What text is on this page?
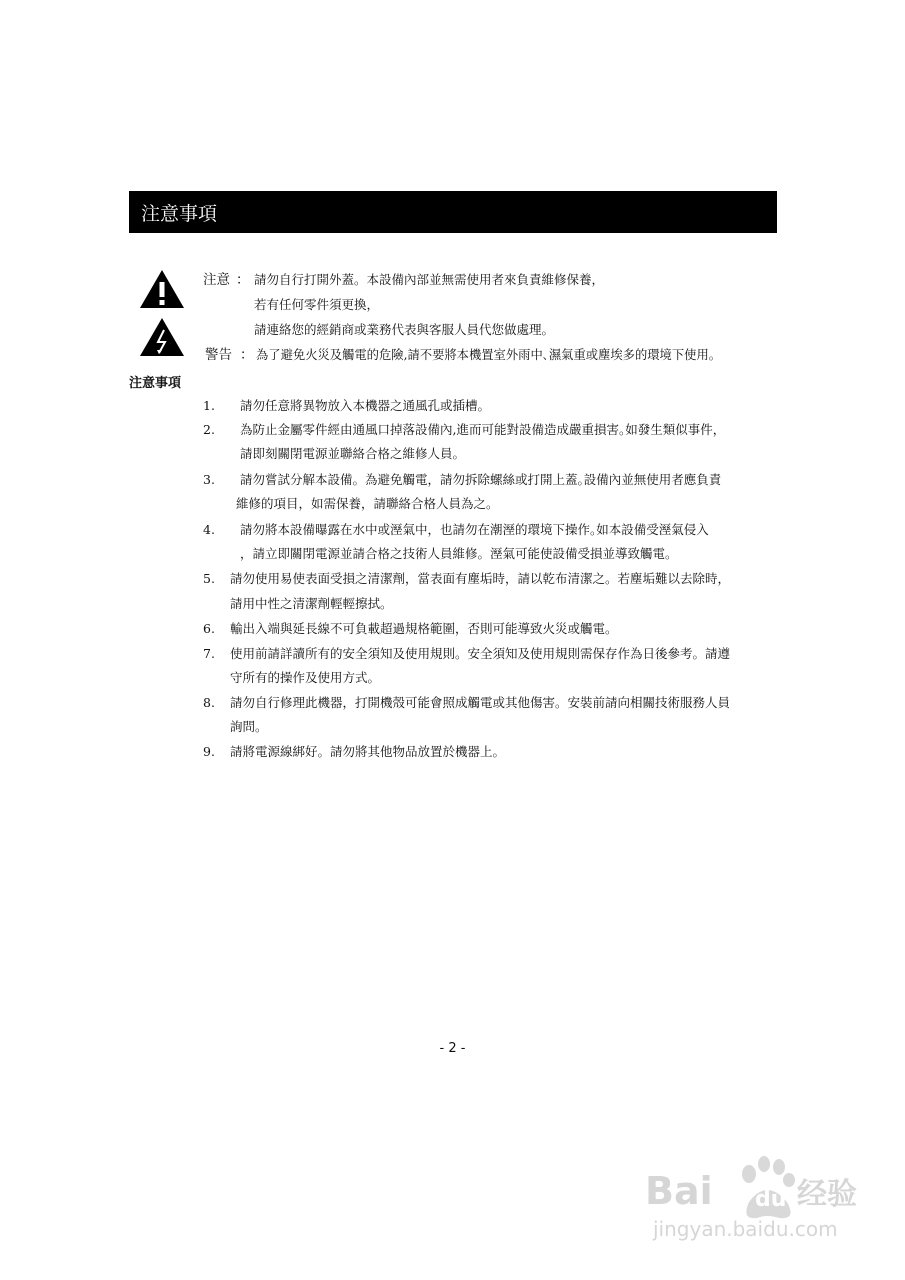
注意事項
注意 ： 請勿自行打開外蓋。本設備內部並無需使用者來負責維修保養，
若有任何零件須更換，
請連絡您的經銷商或業務代表與客服人員代您做處理。
警告 ： 為了避免火災及觸電的危險,請不要將本機置室外雨中､濕氣重或塵埃多的環境下使用｡
注意事項
1. 請勿任意將異物放入本機器之通風孔或插槽。
2. 為防止金屬零件經由通風口掉落設備內,進而可能對設備造成嚴重損害｡如發生類似事件，
請即刻關閉電源並聯絡合格之維修人員。
3. 請勿嘗試分解本設備。為避免觸電，請勿拆除螺絲或打開上蓋｡設備內並無使用者應負責
維修的項目，如需保養，請聯絡合格人員為之。
4. 請勿將本設備曝露在水中或溼氣中，也請勿在潮溼的環境下操作｡如本設備受溼氣侵入
，請立即關閉電源並請合格之技術人員維修。溼氣可能使設備受損並導致觸電。
5. 請勿使用易使表面受損之清潔劑，當表面有塵垢時，請以乾布清潔之。若塵垢難以去除時，
請用中性之清潔劑輕輕擦拭。
6. 輸出入端與延長線不可負載超過規格範圍，否則可能導致火災或觸電。
7. 使用前請詳讀所有的安全須知及使用規則。安全須知及使用規則需保存作為日後參考。請遵
守所有的操作及使用方式。
8. 請勿自行修理此機器，打開機殼可能會照成觸電或其他傷害。安裝前請向相關技術服務人員
詢問。
9. 請將電源線綁好。請勿將其他物品放置於機器上。
- 2 -
Bai du 经验
jingyan.baidu.com
